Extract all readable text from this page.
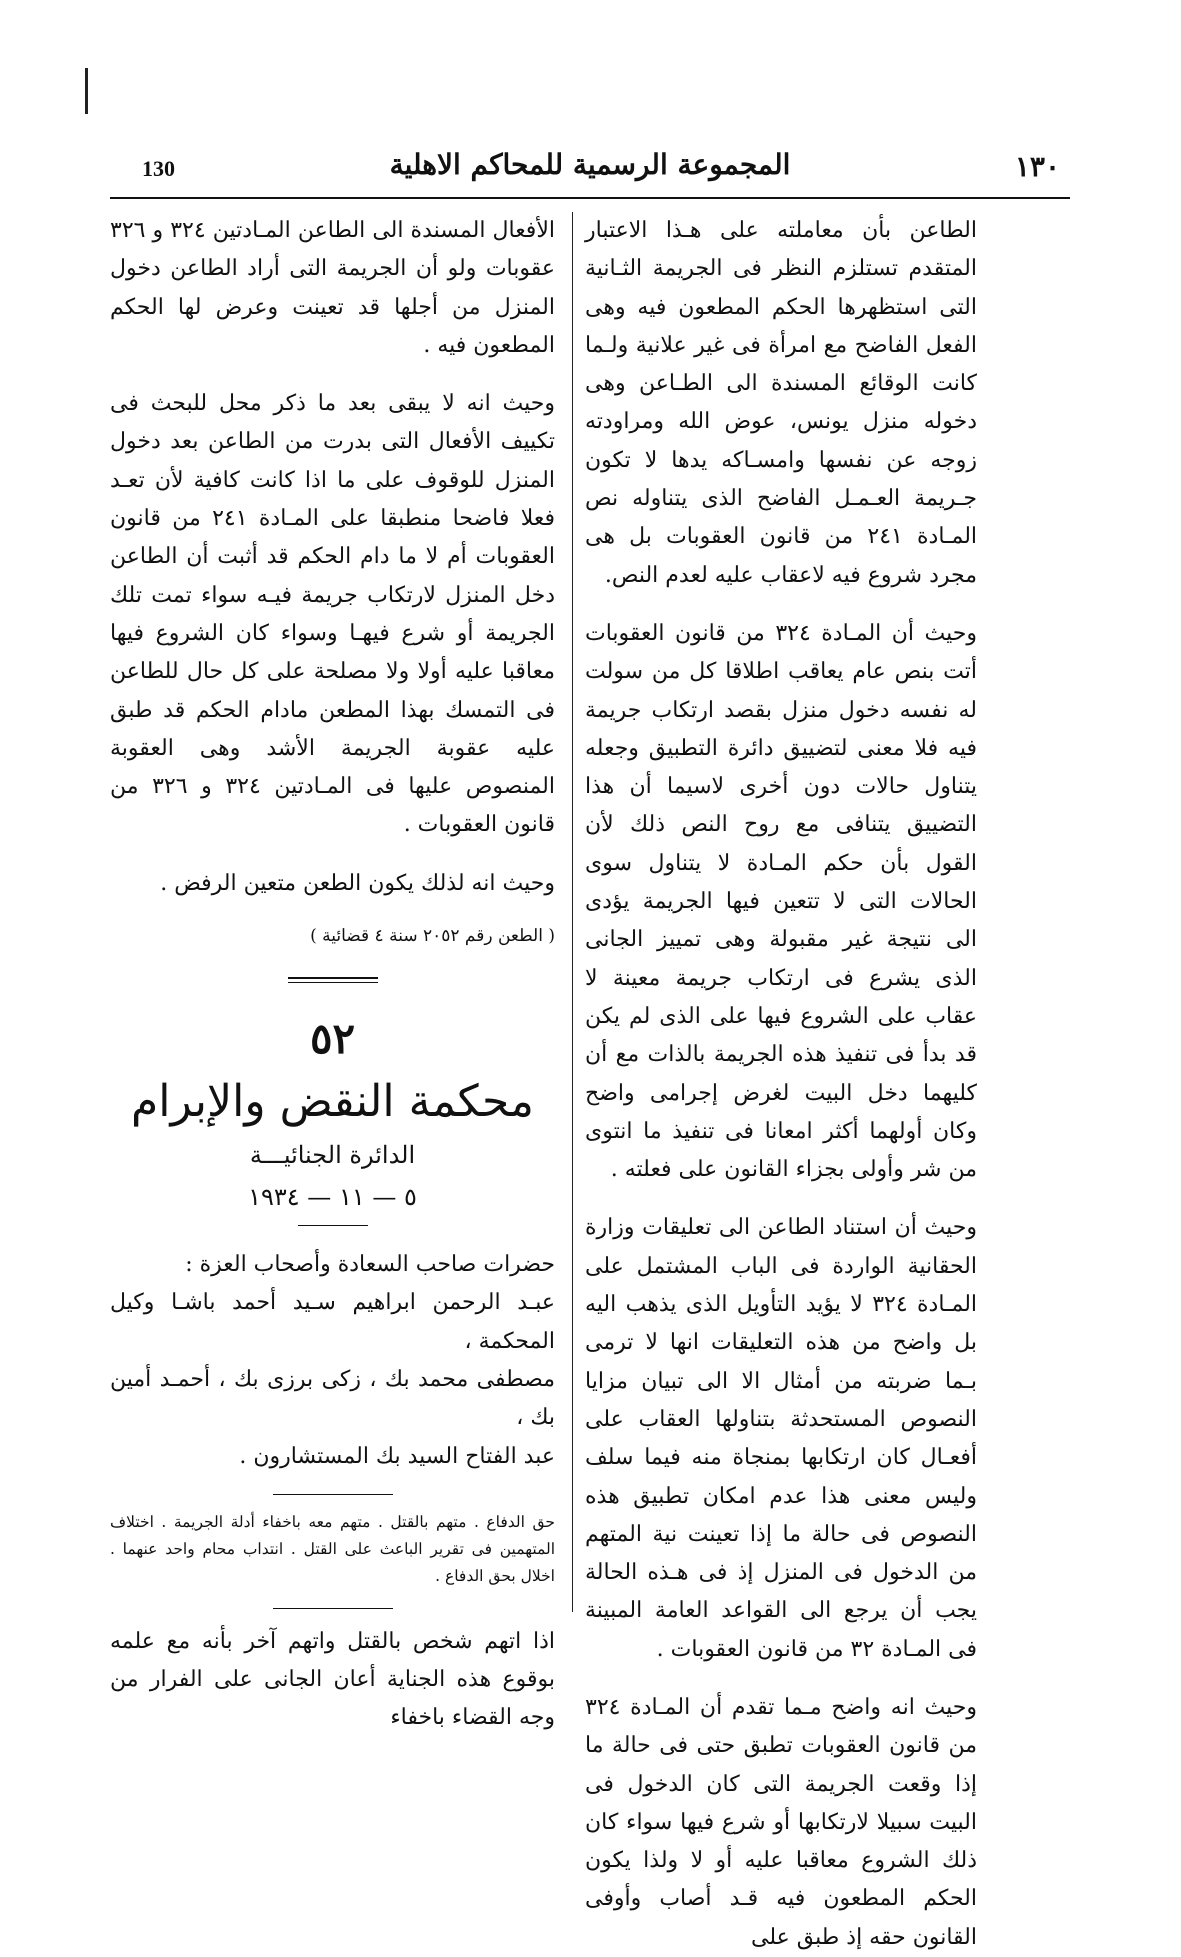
130	المجموعة الرسمية للمحاكم الاهلية	١٣٠

الطاعن بأن معاملته على هـذا الاعتبار المتقدم تستلزم النظر فى الجريمة الثـانية التى استظهرها الحكم المطعون فيه وهى الفعل الفاضح مع امرأة فى غير علانية ولـما كانت الوقائع المسندة الى الطـاعن وهى دخوله منزل يونس، عوض الله ومراودته زوجه عن نفسها وامسـاكه يدها لا تكون جـريمة العـمـل الفاضح الذى يتناوله نص المـادة ٢٤١ من قانون العقوبات بل هى مجرد شروع فيه لاعقاب عليه لعدم النص.

وحيث أن المـادة ٣٢٤ من قانون العقوبات أتت بنص عام يعاقب اطلاقا كل من سولت له نفسه دخول منزل بقصد ارتكاب جريمة فيه فلا معنى لتضييق دائرة التطبيق وجعله يتناول حالات دون أخرى لاسيما أن هذا التضييق يتنافى مع روح النص ذلك لأن القول بأن حكم المـادة لا يتناول سوى الحالات التى لا تتعين فيها الجريمة يؤدى الى نتيجة غير مقبولة وهى تمييز الجانى الذى يشرع فى ارتكاب جريمة معينة لا عقاب على الشروع فيها على الذى لم يكن قد بدأ فى تنفيذ هذه الجريمة بالذات مع أن كليهما دخل البيت لغرض إجرامى واضح وكان أولهما أكثر امعانا فى تنفيذ ما انتوى من شر وأولى بجزاء القانون على فعلته .

وحيث أن استناد الطاعن الى تعليقات وزارة الحقانية الواردة فى الباب المشتمل على المـادة ٣٢٤ لا يؤيد التأويل الذى يذهب اليه بل واضح من هذه التعليقات انها لا ترمى بـما ضربته من أمثال الا الى تبيان مزايا النصوص المستحدثة بتناولها العقاب على أفعـال كان ارتكابها بمنجاة منه فيما سلف وليس معنى هذا عدم امكان تطبيق هذه النصوص فى حالة ما إذا تعينت نية المتهم من الدخول فى المنزل إذ فى هـذه الحالة يجب أن يرجع الى القواعد العامة المبينة فى المـادة ٣٢ من قانون العقوبات .

وحيث انه واضح مـما تقدم أن المـادة ٣٢٤ من قانون العقوبات تطبق حتى فى حالة ما إذا وقعت الجريمة التى كان الدخول فى البيت سبيلا لارتكابها أو شرع فيها سواء كان ذلك الشروع معاقبا عليه أو لا ولذا يكون الحكم المطعون فيه قـد أصاب وأوفى القانون حقه إذ طبق على

الأفعال المسندة الى الطاعن المـادتين ٣٢٤ و ٣٢٦ عقوبات ولو أن الجريمة التى أراد الطاعن دخول المنزل من أجلها قد تعينت وعرض لها الحكم المطعون فيه .

وحيث انه لا يبقى بعد ما ذكر محل للبحث فى تكييف الأفعال التى بدرت من الطاعن بعد دخول المنزل للوقوف على ما اذا كانت كافية لأن تعـد فعلا فاضحا منطبقا على المـادة ٢٤١ من قانون العقوبات أم لا ما دام الحكم قد أثبت أن الطاعن دخل المنزل لارتكاب جريمة فيـه سواء تمت تلك الجريمة أو شرع فيهـا وسواء كان الشروع فيها معاقبا عليه أولا ولا مصلحة على كل حال للطاعن فى التمسك بهذا المطعن مادام الحكم قد طبق عليه عقوبة الجريمة الأشد وهى العقوبة المنصوص عليها فى المـادتين ٣٢٤ و ٣٢٦ من قانون العقوبات .

وحيث انه لذلك يكون الطعن متعين الرفض .

( الطعن رقم ٢٠٥٢ سنة ٤ قضائية )
٥٢
محكمة النقض والإبرام
الدائرة الجنائيـــة
٥ — ١١ — ١٩٣٤

حضرات صاحب السعادة وأصحاب العزة :

عبـد الرحمن ابراهيم سـيد أحمد باشـا وكيل المحكمة ،

مصطفى محمد بك ، زكى برزى بك ، أحمـد أمين بك ،

عبد الفتاح السيد بك المستشارون .

حق الدفاع . متهم بالقتل . متهم معه باخفاء أدلة الجريمة . اختلاف المتهمين فى تقرير الباعث على القتل . انتداب محام واحد عنهما . اخلال بحق الدفاع .

اذا اتهم شخص بالقتل واتهم آخر بأنه مع علمه بوقوع هذه الجناية أعان الجانى على الفرار من وجه القضاء باخفاء
